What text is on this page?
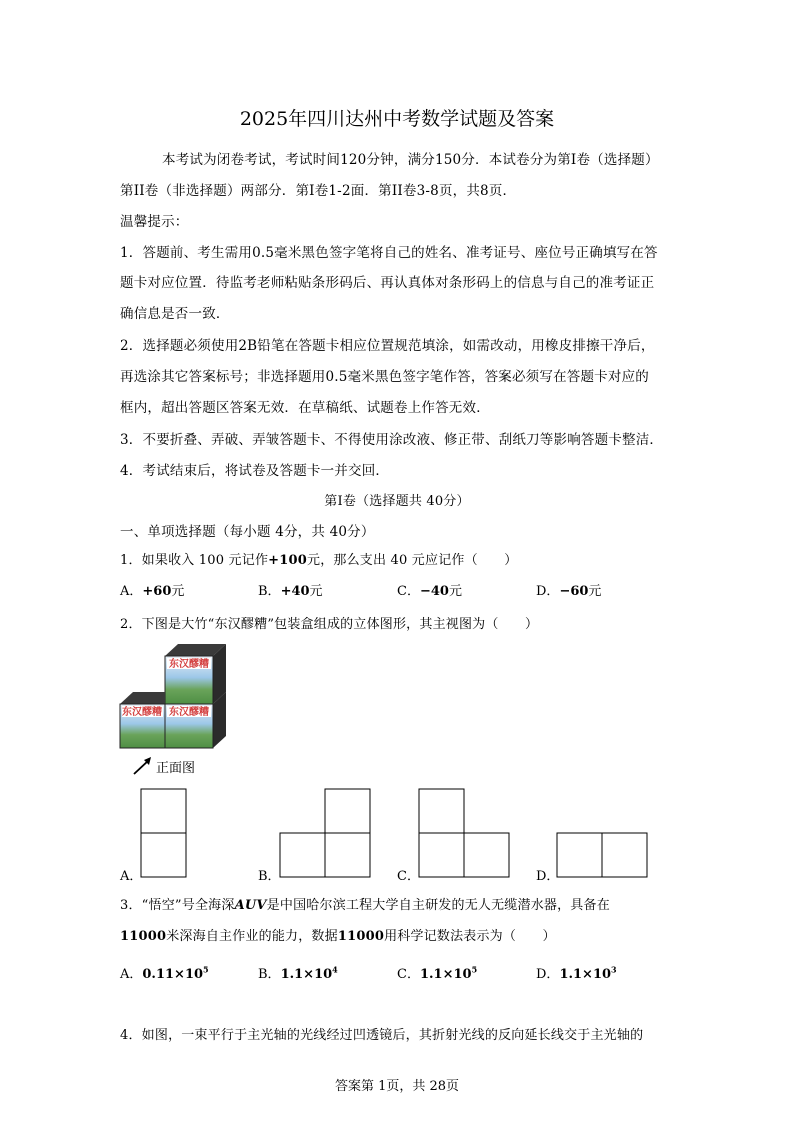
2025年四川达州中考数学试题及答案
本考试为闭卷考试，考试时间120分钟，满分150分．本试卷分为第Ⅰ卷（选择题）
第II卷（非选择题）两部分．第Ⅰ卷1-2面．第II卷3-8页，共8页．
温馨提示：
1．答题前、考生需用0.5毫米黑色签字笔将自己的姓名、准考证号、座位号正确填写在答
题卡对应位置．待监考老师粘贴条形码后、再认真体对条形码上的信息与自己的准考证正
确信息是否一致．
2．选择题必须使用2B铅笔在答题卡相应位置规范填涂，如需改动，用橡皮排擦干净后，
再选涂其它答案标号；非选择题用0.5毫米黑色签字笔作答，答案必须写在答题卡对应的
框内，超出答题区答案无效．在草稿纸、试题卷上作答无效．
3．不要折叠、弄破、弄皱答题卡、不得使用涂改液、修正带、刮纸刀等影响答题卡整洁．
4．考试结束后，将试卷及答题卡一并交回．
第Ⅰ卷（选择题共 40分）
一、单项选择题（每小题 4分，共 40分）
1．如果收入 100 元记作+100元，那么支出 40 元应记作（　　）
A．+60元	B．+40元	C．−40元	D．−60元
2．下图是大竹“东汉醪糟”包装盒组成的立体图形，其主视图为（　　）
东汉醪糟
东汉醪糟 东汉醪糟
正面图
A．	B．	C．	D．
3．“悟空”号全海深AUV是中国哈尔滨工程大学自主研发的无人无缆潜水器，具备在
11000米深海自主作业的能力，数据11000用科学记数法表示为（　　）
A．$0.11\times 10^5$	B．$1.1\times 10^4$	C．$1.1\times 10^5$	D．$1.1\times 10^3$
4．如图，一束平行于主光轴的光线经过凹透镜后，其折射光线的反向延长线交于主光轴的
答案第 1页，共 28页
